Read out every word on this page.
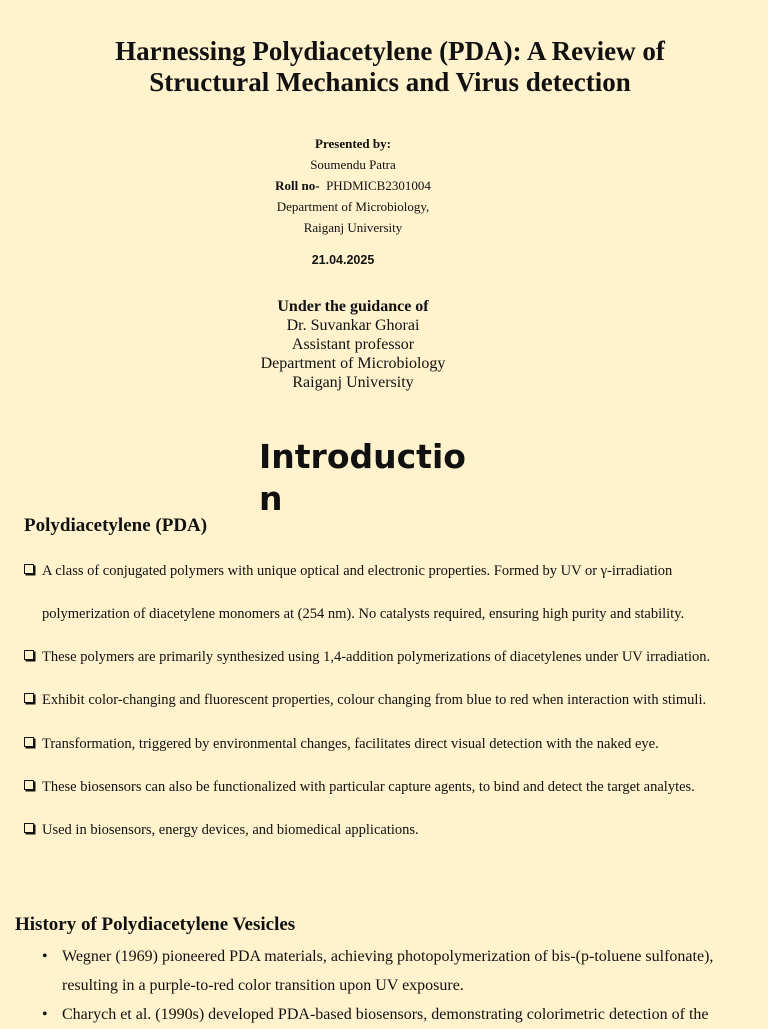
Harnessing Polydiacetylene (PDA): A Review of
Structural Mechanics and Virus detection
Presented by:
Soumendu Patra
Roll no- PHDMICB2301004
Department of Microbiology,
Raiganj University
21.04.2025
Under the guidance of
Dr. Suvankar Ghorai
Assistant professor
Department of Microbiology
Raiganj University
Introduction
Polydiacetylene (PDA)
A class of conjugated polymers with unique optical and electronic properties. Formed by UV or γ-irradiation
polymerization of diacetylene monomers at (254 nm). No catalysts required, ensuring high purity and stability.
These polymers are primarily synthesized using 1,4-addition polymerizations of diacetylenes under UV irradiation.
Exhibit color-changing and fluorescent properties, colour changing from blue to red when interaction with stimuli.
Transformation, triggered by environmental changes, facilitates direct visual detection with the naked eye.
These biosensors can also be functionalized with particular capture agents, to bind and detect the target analytes.
Used in biosensors, energy devices, and biomedical applications.
History of Polydiacetylene Vesicles
• Wegner (1969) pioneered PDA materials, achieving photopolymerization of bis-(p-toluene sulfonate),
resulting in a purple-to-red color transition upon UV exposure.
• Charych et al. (1990s) developed PDA-based biosensors, demonstrating colorimetric detection of the
